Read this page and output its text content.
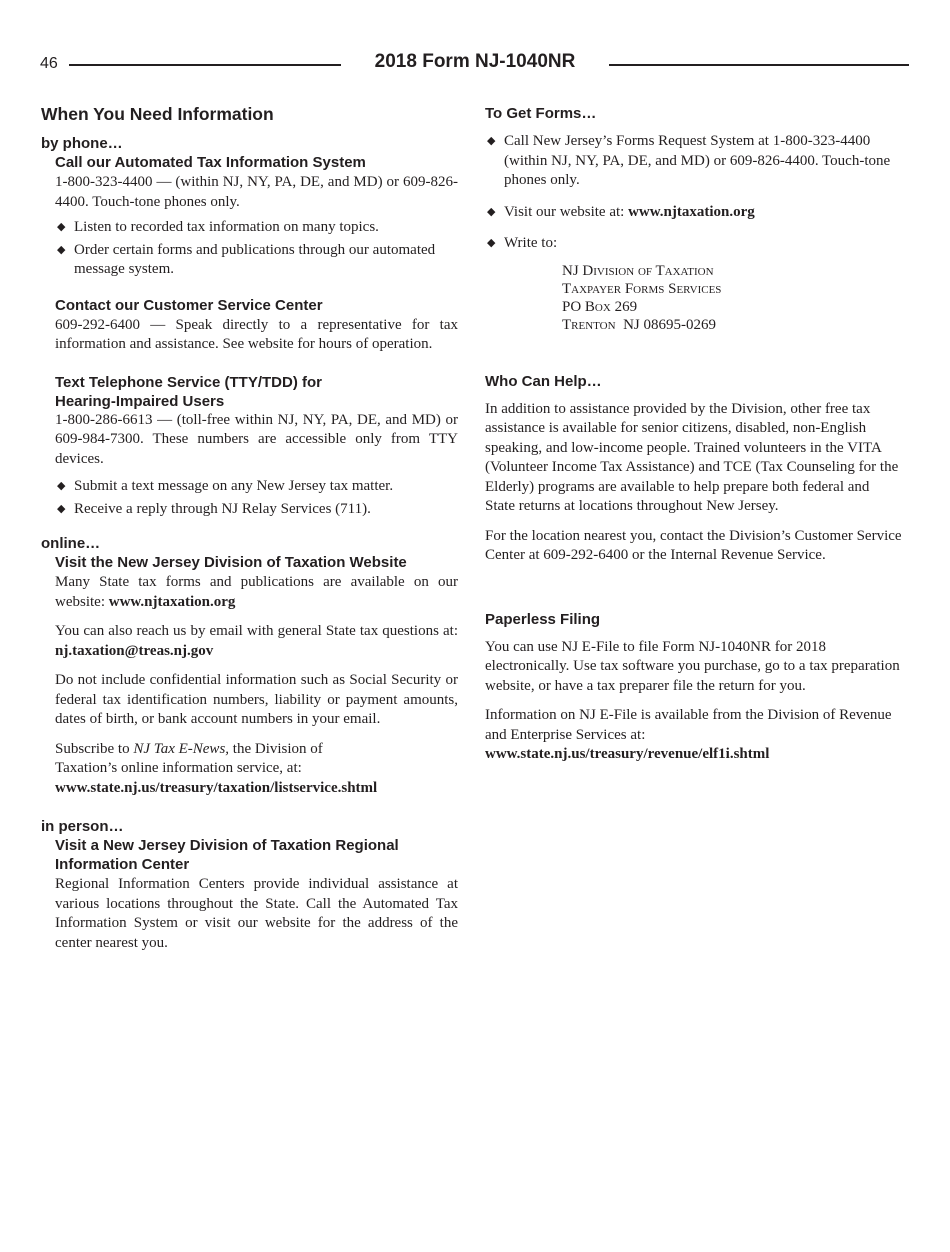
46	2018 Form NJ-1040NR
When You Need Information
by phone…
Call our Automated Tax Information System

1-800-323-4400 — (within NJ, NY, PA, DE, and MD) or 609-826-4400. Touch-tone phones only.

◆ Listen to recorded tax information on many topics.
◆ Order certain forms and publications through our automated message system.
Contact our Customer Service Center

609-292-6400 — Speak directly to a representative for tax information and assistance. See website for hours of operation.

Text Telephone Service (TTY/TDD) for
Hearing-Impaired Users

1-800-286-6613 — (toll-free within NJ, NY, PA, DE, and MD) or 609-984-7300. These numbers are accessible only from TTY devices.

◆ Submit a text message on any New Jersey tax matter.
◆ Receive a reply through NJ Relay Services (711).
online…
Visit the New Jersey Division of Taxation Website

Many State tax forms and publications are available on our website: www.njtaxation.org

You can also reach us by email with general State tax questions at: nj.taxation@treas.nj.gov

Do not include confidential information such as Social Security or federal tax identification numbers, liability or payment amounts, dates of birth, or bank account numbers in your email.

Subscribe to NJ Tax E-News, the Division of
Taxation’s online information service, at:
www.state.nj.us/treasury/taxation/listservice.shtml

in person…
Visit a New Jersey Division of Taxation Regional Information Center

Regional Information Centers provide individual assistance at various locations throughout the State. Call the Automated Tax Information System or visit our website for the address of the center nearest you.

To Get Forms…
◆ Call New Jersey’s Forms Request System at 1-800-323-4400 (within NJ, NY, PA, DE, and MD) or 609-826-4400. Touch-tone phones only.
◆ Visit our website at: www.njtaxation.org
◆ Write to:
NJ Division of Taxation
Taxpayer Forms Services
PO Box 269
Trenton  NJ 08695-0269
Who Can Help…

In addition to assistance provided by the Division, other free tax assistance is available for senior citizens, disabled, non-English speaking, and low-income people. Trained volunteers in the VITA (Volunteer Income Tax Assistance) and TCE (Tax Counseling for the Elderly) programs are available to help prepare both federal and State returns at locations throughout New Jersey.

For the location nearest you, contact the Division’s Customer Service Center at 609-292-6400 or the Internal Revenue Service.

Paperless Filing

You can use NJ E-File to file Form NJ-1040NR for 2018 electronically. Use tax software you purchase, go to a tax preparation website, or have a tax preparer file the return for you.

Information on NJ E-File is available from the Division of Revenue and Enterprise Services at:
www.state.nj.us/treasury/revenue/elf1i.shtml
